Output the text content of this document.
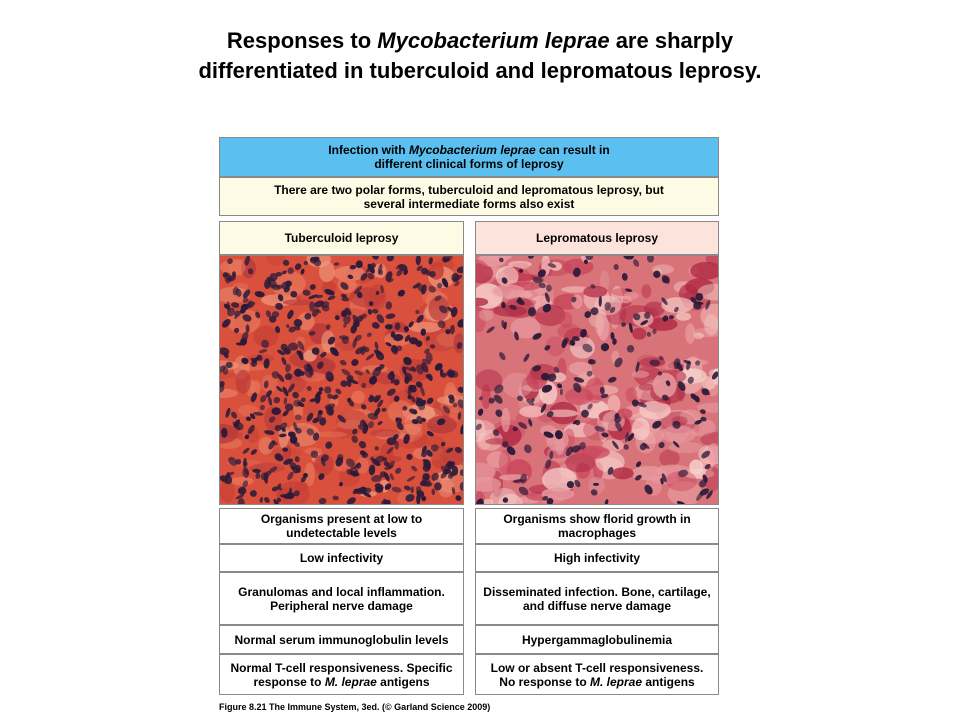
Responses to Mycobacterium leprae are sharply differentiated in tuberculoid and lepromatous leprosy.
Infection with Mycobacterium leprae can result in different clinical forms of leprosy
There are two polar forms, tuberculoid and lepromatous leprosy, but several intermediate forms also exist
Tuberculoid leprosy	Lepromatous leprosy
Organisms present at low to undetectable levels
Low infectivity
Granulomas and local inflammation. Peripheral nerve damage
Normal serum immunoglobulin levels
Normal T-cell responsiveness. Specific response to M. leprae antigens
Organisms show florid growth in macrophages
High infectivity
Disseminated infection. Bone, cartilage, and diffuse nerve damage
Hypergammaglobulinemia
Low or absent T-cell responsiveness. No response to M. leprae antigens
Figure 8.21 The Immune System, 3ed. (© Garland Science 2009)
